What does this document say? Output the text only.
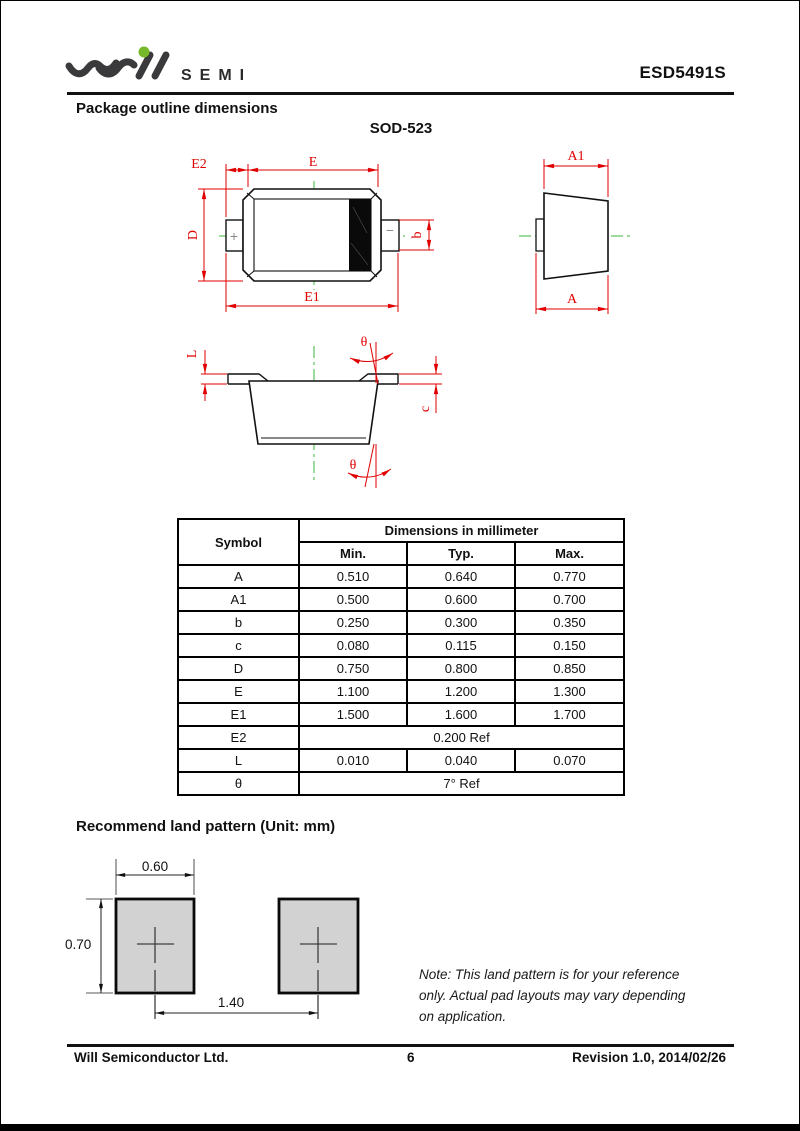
SEMI	ESD5491S
Package outline dimensions
SOD-523
+	−
E2	E
D
E1
b
A1
A
L
c
θ
θ
Symbol	Dimensions in millimeter		
	Min.	Typ.	Max.
A	0.510	0.640	0.770
A1	0.500	0.600	0.700
b	0.250	0.300	0.350
c	0.080	0.115	0.150
D	0.750	0.800	0.850
E	1.100	1.200	1.300
E1	1.500	1.600	1.700
E2	0.200 Ref		
L	0.010	0.040	0.070
θ	7° Ref		
Recommend land pattern (Unit: mm)
0.60
0.70
1.40
Note: This land pattern is for your reference
only. Actual pad layouts may vary depending
on application.
Will Semiconductor Ltd.	6	Revision 1.0, 2014/02/26
